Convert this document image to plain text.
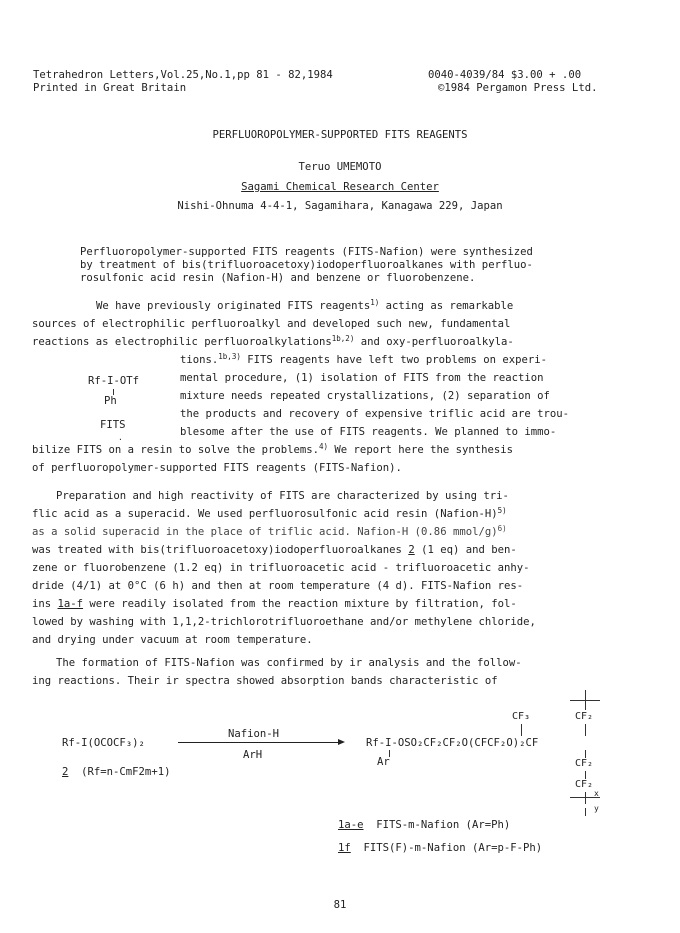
Tetrahedron Letters,Vol.25,No.1,pp 81 - 82,1984
Printed in Great Britain
0040-4039/84 $3.00 + .00
©1984 Pergamon Press Ltd.
PERFLUOROPOLYMER-SUPPORTED FITS REAGENTS
Teruo UMEMOTO
Sagami Chemical Research Center
Nishi-Ohnuma 4-4-1, Sagamihara, Kanagawa 229, Japan
Perfluoropolymer-supported FITS reagents (FITS-Nafion) were synthesized
by treatment of bis(trifluoroacetoxy)iodoperfluoroalkanes with perfluo-
rosulfonic acid resin (Nafion-H) and benzene or fluorobenzene.
We have previously originated FITS reagents$^{1)}$ acting as remarkable
sources of electrophilic perfluoroalkyl and developed such new, fundamental
reactions as electrophilic perfluoroalkylations$^{1b,2)}$ and oxy-perfluoroalkyla-
tions.$^{1b,3)}$ FITS reagents have left two problems on experi-
mental procedure, (1) isolation of FITS from the reaction
mixture needs repeated crystallizations, (2) separation of
the products and recovery of expensive triflic acid are trou-
blesome after the use of FITS reagents. We planned to immo-
bilize FITS on a resin to solve the problems.$^{4)}$ We report here the synthesis
of perfluoropolymer-supported FITS reagents (FITS-Nafion).
Rf-I-OTf
Ph
FITS
·
Preparation and high reactivity of FITS are characterized by using tri-
flic acid as a superacid. We used perfluorosulfonic acid resin (Nafion-H)$^{5)}$
as a solid superacid in the place of triflic acid. Nafion-H (0.86 mmol/g)$^{6)}$
was treated with bis(trifluoroacetoxy)iodoperfluoroalkanes 2 (1 eq) and ben-
zene or fluorobenzene (1.2 eq) in trifluoroacetic acid - trifluoroacetic anhy-
dride (4/1) at 0°C (6 h) and then at room temperature (4 d). FITS-Nafion res-
ins 1a-f were readily isolated from the reaction mixture by filtration, fol-
lowed by washing with 1,1,2-trichlorotrifluoroethane and/or methylene chloride,
and drying under vacuum at room temperature.
The formation of FITS-Nafion was confirmed by ir analysis and the follow-
ing reactions. Their ir spectra showed absorption bands characteristic of
Rf-I(OCOCF₃)₂
2 (Rf=n-CmF2m+1)
Nafion-H
ArH
Rf-I-OSO₂CF₂CF₂O(CFCF₂O)₂CF
Ar
CF₃	CF₂
CF₂
CF₂
x
y
1a-e FITS-m-Nafion (Ar=Ph)
1f FITS(F)-m-Nafion (Ar=p-F-Ph)
81
